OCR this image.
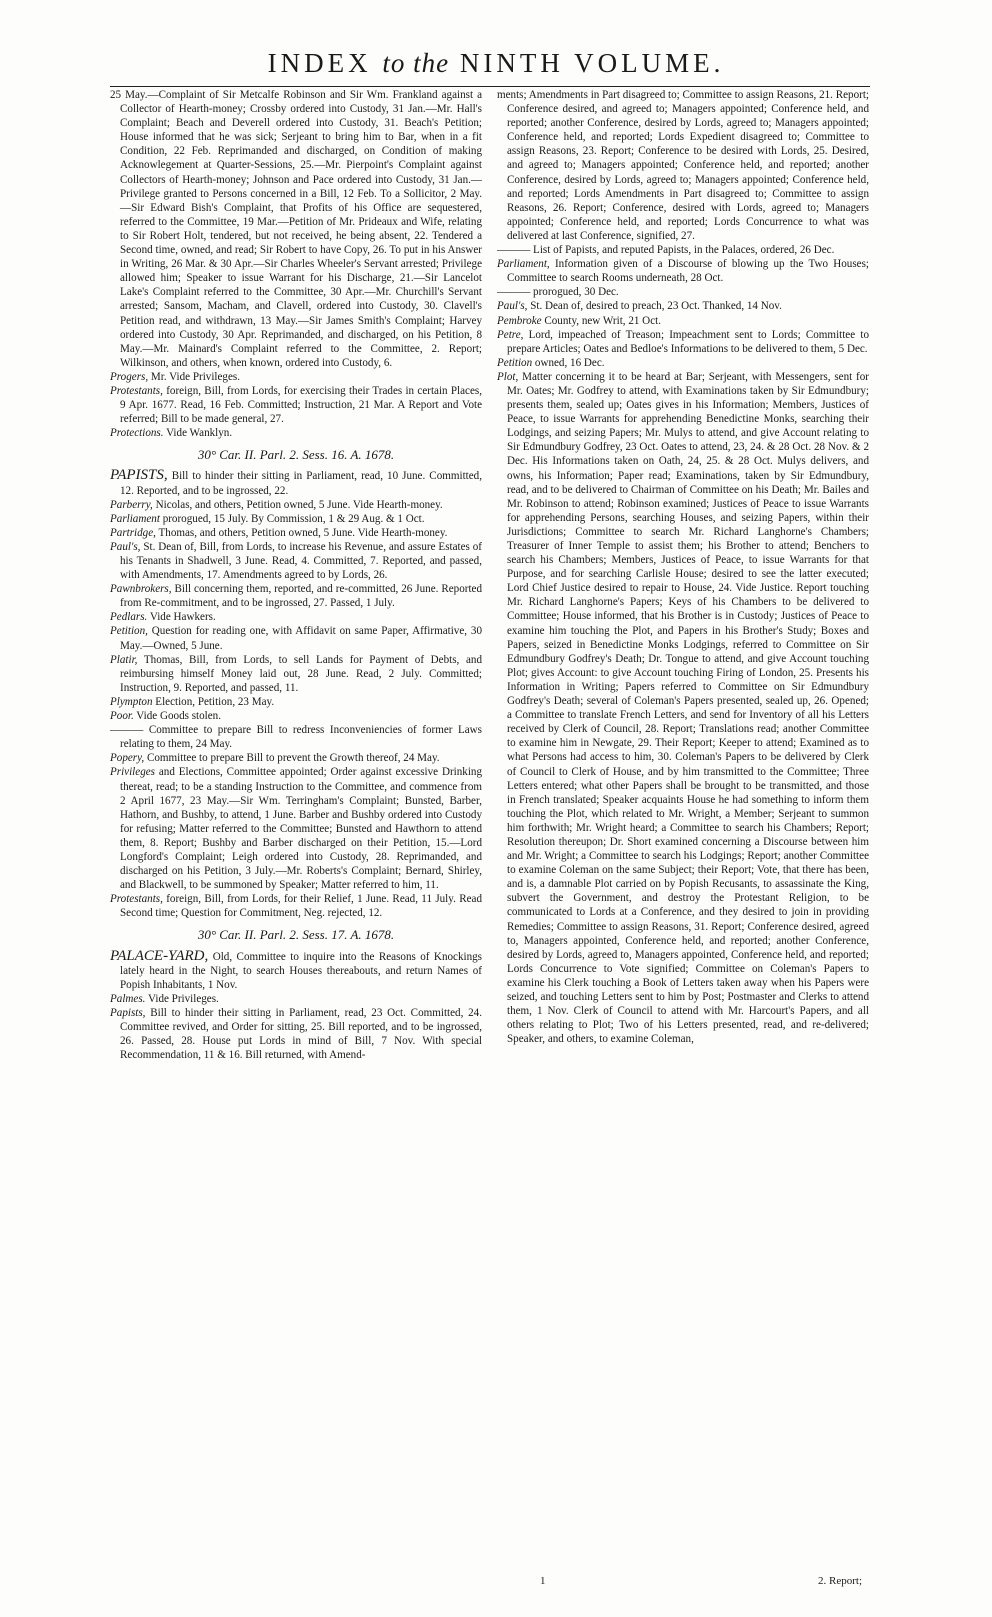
INDEX to the NINTH VOLUME.

25 May.—Complaint of Sir Metcalfe Robinson and Sir Wm. Frankland against a Collector of Hearth-money; Crossby ordered into Custody, 31 Jan.—Mr. Hall's Complaint; Beach and Deverell ordered into Custody, 31. Beach's Petition; House informed that he was sick; Serjeant to bring him to Bar, when in a fit Condition, 22 Feb. Reprimanded and discharged, on Condition of making Acknowlegement at Quarter-Sessions, 25.—Mr. Pierpoint's Complaint against Collectors of Hearth-money; Johnson and Pace ordered into Custody, 31 Jan.—Privilege granted to Persons concerned in a Bill, 12 Feb. To a Sollicitor, 2 May.—Sir Edward Bish's Complaint, that Profits of his Office are sequestered, referred to the Committee, 19 Mar.—Petition of Mr. Prideaux and Wife, relating to Sir Robert Holt, tendered, but not received, he being absent, 22. Tendered a Second time, owned, and read; Sir Robert to have Copy, 26. To put in his Answer in Writing, 26 Mar. & 30 Apr.—Sir Charles Wheeler's Servant arrested; Privilege allowed him; Speaker to issue Warrant for his Discharge, 21.—Sir Lancelot Lake's Complaint referred to the Committee, 30 Apr.—Mr. Churchill's Servant arrested; Sansom, Macham, and Clavell, ordered into Custody, 30. Clavell's Petition read, and withdrawn, 13 May.—Sir James Smith's Complaint; Harvey ordered into Custody, 30 Apr. Reprimanded, and discharged, on his Petition, 8 May.—Mr. Mainard's Complaint referred to the Committee, 2. Report; Wilkinson, and others, when known, ordered into Custody, 6.

Progers, Mr. Vide Privileges.

Protestants, foreign, Bill, from Lords, for exercising their Trades in certain Places, 9 Apr. 1677. Read, 16 Feb. Committed; Instruction, 21 Mar. A Report and Vote referred; Bill to be made general, 27.

Protections. Vide Wanklyn.

30° Car. II. Parl. 2. Sess. 16. A. 1678.

PAPISTS, Bill to hinder their sitting in Parliament, read, 10 June. Committed, 12. Reported, and to be ingrossed, 22.

Parberry, Nicolas, and others, Petition owned, 5 June. Vide Hearth-money.

Parliament prorogued, 15 July. By Commission, 1 & 29 Aug. & 1 Oct.

Partridge, Thomas, and others, Petition owned, 5 June. Vide Hearth-money.

Paul's, St. Dean of, Bill, from Lords, to increase his Revenue, and assure Estates of his Tenants in Shadwell, 3 June. Read, 4. Committed, 7. Reported, and passed, with Amendments, 17. Amendments agreed to by Lords, 26.

Pawnbrokers, Bill concerning them, reported, and re-committed, 26 June. Reported from Re-commitment, and to be ingrossed, 27. Passed, 1 July.

Pedlars. Vide Hawkers.

Petition, Question for reading one, with Affidavit on same Paper, Affirmative, 30 May.—Owned, 5 June.

Platir, Thomas, Bill, from Lords, to sell Lands for Payment of Debts, and reimbursing himself Money laid out, 28 June. Read, 2 July. Committed; Instruction, 9. Reported, and passed, 11.

Plympton Election, Petition, 23 May.

Poor. Vide Goods stolen.

——— Committee to prepare Bill to redress Inconveniencies of former Laws relating to them, 24 May.

Popery, Committee to prepare Bill to prevent the Growth thereof, 24 May.

Privileges and Elections, Committee appointed; Order against excessive Drinking thereat, read; to be a standing Instruction to the Committee, and commence from 2 April 1677, 23 May.—Sir Wm. Terringham's Complaint; Bunsted, Barber, Hathorn, and Bushby, to attend, 1 June. Barber and Bushby ordered into Custody for refusing; Matter referred to the Committee; Bunsted and Hawthorn to attend them, 8. Report; Bushby and Barber discharged on their Petition, 15.—Lord Longford's Complaint; Leigh ordered into Custody, 28. Reprimanded, and discharged on his Petition, 3 July.—Mr. Roberts's Complaint; Bernard, Shirley, and Blackwell, to be summoned by Speaker; Matter referred to him, 11.

Protestants, foreign, Bill, from Lords, for their Relief, 1 June. Read, 11 July. Read Second time; Question for Commitment, Neg. rejected, 12.

30° Car. II. Parl. 2. Sess. 17. A. 1678.

PALACE-YARD, Old, Committee to inquire into the Reasons of Knockings lately heard in the Night, to search Houses thereabouts, and return Names of Popish Inhabitants, 1 Nov.

Palmes. Vide Privileges.

Papists, Bill to hinder their sitting in Parliament, read, 23 Oct. Committed, 24. Committee revived, and Order for sitting, 25. Bill reported, and to be ingrossed, 26. Passed, 28. House put Lords in mind of Bill, 7 Nov. With special Recommendation, 11 & 16. Bill returned, with Amend-

ments; Amendments in Part disagreed to; Committee to assign Reasons, 21. Report; Conference desired, and agreed to; Managers appointed; Conference held, and reported; another Conference, desired by Lords, agreed to; Managers appointed; Conference held, and reported; Lords Expedient disagreed to; Committee to assign Reasons, 23. Report; Conference to be desired with Lords, 25. Desired, and agreed to; Managers appointed; Conference held, and reported; another Conference, desired by Lords, agreed to; Managers appointed; Conference held, and reported; Lords Amendments in Part disagreed to; Committee to assign Reasons, 26. Report; Conference, desired with Lords, agreed to; Managers appointed; Conference held, and reported; Lords Concurrence to what was delivered at last Conference, signified, 27.

——— List of Papists, and reputed Papists, in the Palaces, ordered, 26 Dec.

Parliament, Information given of a Discourse of blowing up the Two Houses; Committee to search Rooms underneath, 28 Oct.

——— prorogued, 30 Dec.

Paul's, St. Dean of, desired to preach, 23 Oct. Thanked, 14 Nov.

Pembroke County, new Writ, 21 Oct.

Petre, Lord, impeached of Treason; Impeachment sent to Lords; Committee to prepare Articles; Oates and Bedloe's Informations to be delivered to them, 5 Dec.

Petition owned, 16 Dec.

Plot, Matter concerning it to be heard at Bar; Serjeant, with Messengers, sent for Mr. Oates; Mr. Godfrey to attend, with Examinations taken by Sir Edmundbury; presents them, sealed up; Oates gives in his Information; Members, Justices of Peace, to issue Warrants for apprehending Benedictine Monks, searching their Lodgings, and seizing Papers; Mr. Mulys to attend, and give Account relating to Sir Edmundbury Godfrey, 23 Oct. Oates to attend, 23, 24. & 28 Oct. 28 Nov. & 2 Dec. His Informations taken on Oath, 24, 25. & 28 Oct. Mulys delivers, and owns, his Information; Paper read; Examinations, taken by Sir Edmundbury, read, and to be delivered to Chairman of Committee on his Death; Mr. Bailes and Mr. Robinson to attend; Robinson examined; Justices of Peace to issue Warrants for apprehending Persons, searching Houses, and seizing Papers, within their Jurisdictions; Committee to search Mr. Richard Langhorne's Chambers; Treasurer of Inner Temple to assist them; his Brother to attend; Benchers to search his Chambers; Members, Justices of Peace, to issue Warrants for that Purpose, and for searching Carlisle House; desired to see the latter executed; Lord Chief Justice desired to repair to House, 24. Vide Justice. Report touching Mr. Richard Langhorne's Papers; Keys of his Chambers to be delivered to Committee; House informed, that his Brother is in Custody; Justices of Peace to examine him touching the Plot, and Papers in his Brother's Study; Boxes and Papers, seized in Benedictine Monks Lodgings, referred to Committee on Sir Edmundbury Godfrey's Death; Dr. Tongue to attend, and give Account touching Plot; gives Account: to give Account touching Firing of London, 25. Presents his Information in Writing; Papers referred to Committee on Sir Edmundbury Godfrey's Death; several of Coleman's Papers presented, sealed up, 26. Opened; a Committee to translate French Letters, and send for Inventory of all his Letters received by Clerk of Council, 28. Report; Translations read; another Committee to examine him in Newgate, 29. Their Report; Keeper to attend; Examined as to what Persons had access to him, 30. Coleman's Papers to be delivered by Clerk of Council to Clerk of House, and by him transmitted to the Committee; Three Letters entered; what other Papers shall be brought to be transmitted, and those in French translated; Speaker acquaints House he had something to inform them touching the Plot, which related to Mr. Wright, a Member; Serjeant to summon him forthwith; Mr. Wright heard; a Committee to search his Chambers; Report; Resolution thereupon; Dr. Short examined concerning a Discourse between him and Mr. Wright; a Committee to search his Lodgings; Report; another Committee to examine Coleman on the same Subject; their Report; Vote, that there has been, and is, a damnable Plot carried on by Popish Recusants, to assassinate the King, subvert the Government, and destroy the Protestant Religion, to be communicated to Lords at a Conference, and they desired to join in providing Remedies; Committee to assign Reasons, 31. Report; Conference desired, agreed to, Managers appointed, Conference held, and reported; another Conference, desired by Lords, agreed to, Managers appointed, Conference held, and reported; Lords Concurrence to Vote signified; Committee on Coleman's Papers to examine his Clerk touching a Book of Letters taken away when his Papers were seized, and touching Letters sent to him by Post; Postmaster and Clerks to attend them, 1 Nov. Clerk of Council to attend with Mr. Harcourt's Papers, and all others relating to Plot; Two of his Letters presented, read, and re-delivered; Speaker, and others, to examine Coleman,

1	2. Report;
